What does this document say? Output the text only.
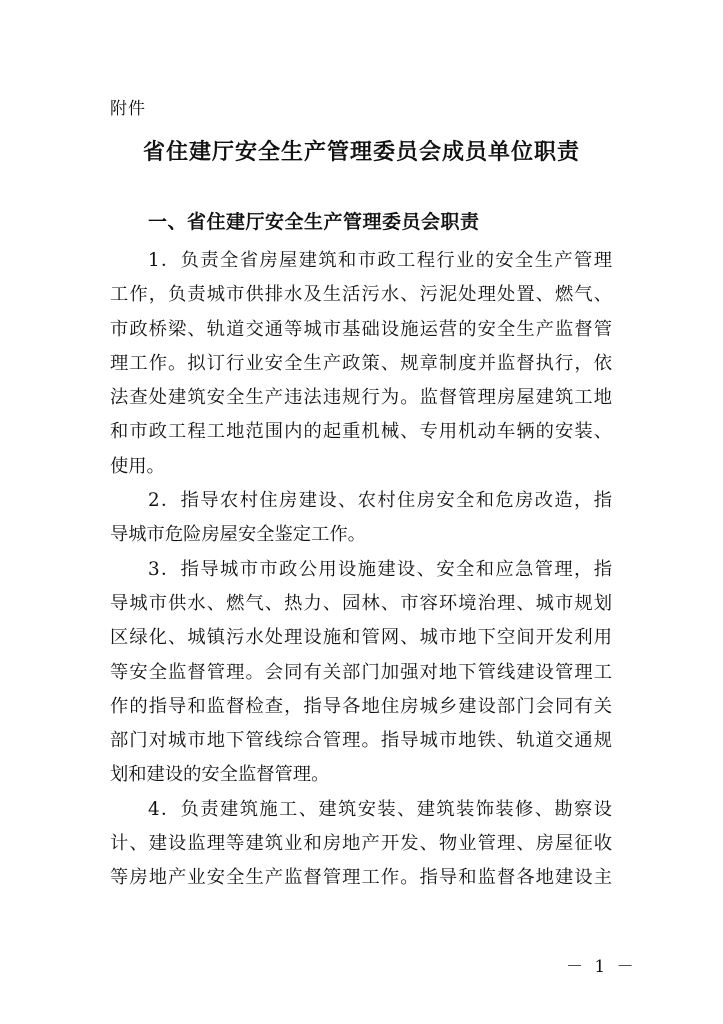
附件
省住建厅安全生产管理委员会成员单位职责
一、省住建厅安全生产管理委员会职责
1．负责全省房屋建筑和市政工程行业的安全生产管理
工作，负责城市供排水及生活污水、污泥处理处置、燃气、
市政桥梁、轨道交通等城市基础设施运营的安全生产监督管
理工作。拟订行业安全生产政策、规章制度并监督执行，依
法查处建筑安全生产违法违规行为。监督管理房屋建筑工地
和市政工程工地范围内的起重机械、专用机动车辆的安装、
使用。
2．指导农村住房建设、农村住房安全和危房改造，指
导城市危险房屋安全鉴定工作。
3．指导城市市政公用设施建设、安全和应急管理，指
导城市供水、燃气、热力、园林、市容环境治理、城市规划
区绿化、城镇污水处理设施和管网、城市地下空间开发利用
等安全监督管理。会同有关部门加强对地下管线建设管理工
作的指导和监督检查，指导各地住房城乡建设部门会同有关
部门对城市地下管线综合管理。指导城市地铁、轨道交通规
划和建设的安全监督管理。
4．负责建筑施工、建筑安装、建筑装饰装修、勘察设
计、建设监理等建筑业和房地产开发、物业管理、房屋征收
等房地产业安全生产监督管理工作。指导和监督各地建设主
－ 1 －
